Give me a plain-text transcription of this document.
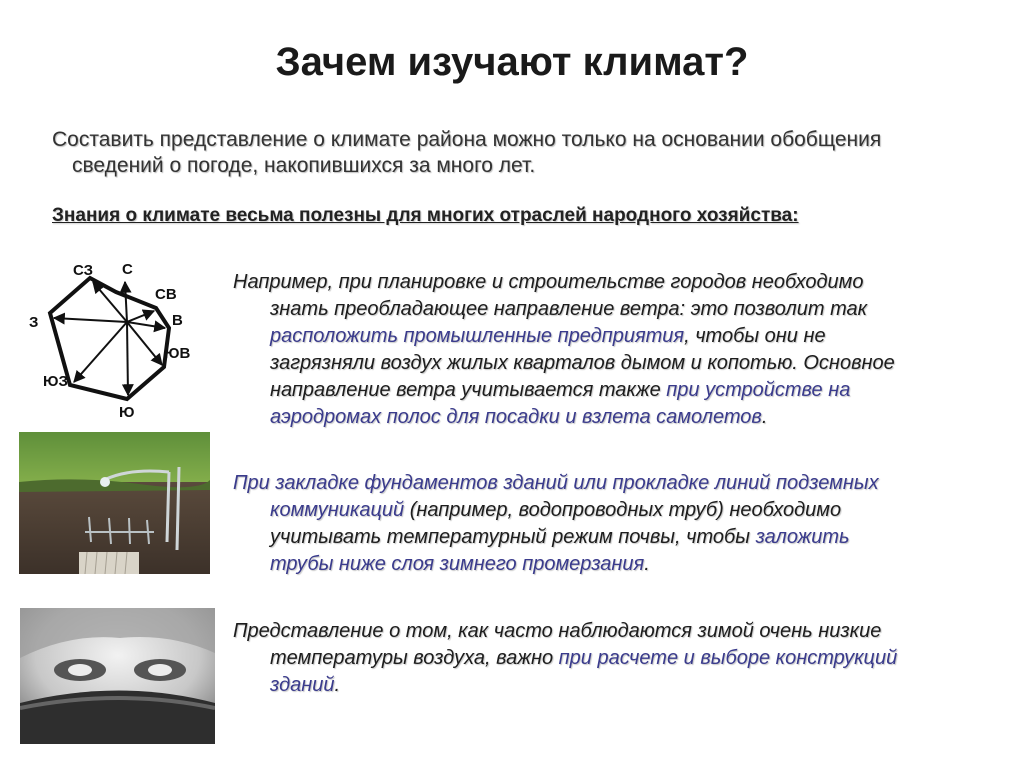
Зачем изучают климат?
Составить представление о климате района можно только на основании обобщения
сведений о погоде, накопившихся за много лет.
Знания о климате весьма полезны для многих отраслей народного хозяйства:
СЗ С
СВ
З	В
ЮВ
ЮЗ
Ю
Например, при планировке и строительстве городов необходимо
знать преобладающее направление ветра: это позволит так
расположить промышленные предприятия, чтобы они не
загрязняли воздух жилых кварталов дымом и копотью. Основное
направление ветра учитывается также при устройстве на
аэродромах полос для посадки и взлета самолетов.
При закладке фундаментов зданий или прокладке линий подземных
коммуникаций (например, водопроводных труб) необходимо
учитывать температурный режим почвы, чтобы заложить
трубы ниже слоя зимнего промерзания.
Представление о том, как часто наблюдаются зимой очень низкие
температуры воздуха, важно при расчете и выборе конструкций
зданий.
